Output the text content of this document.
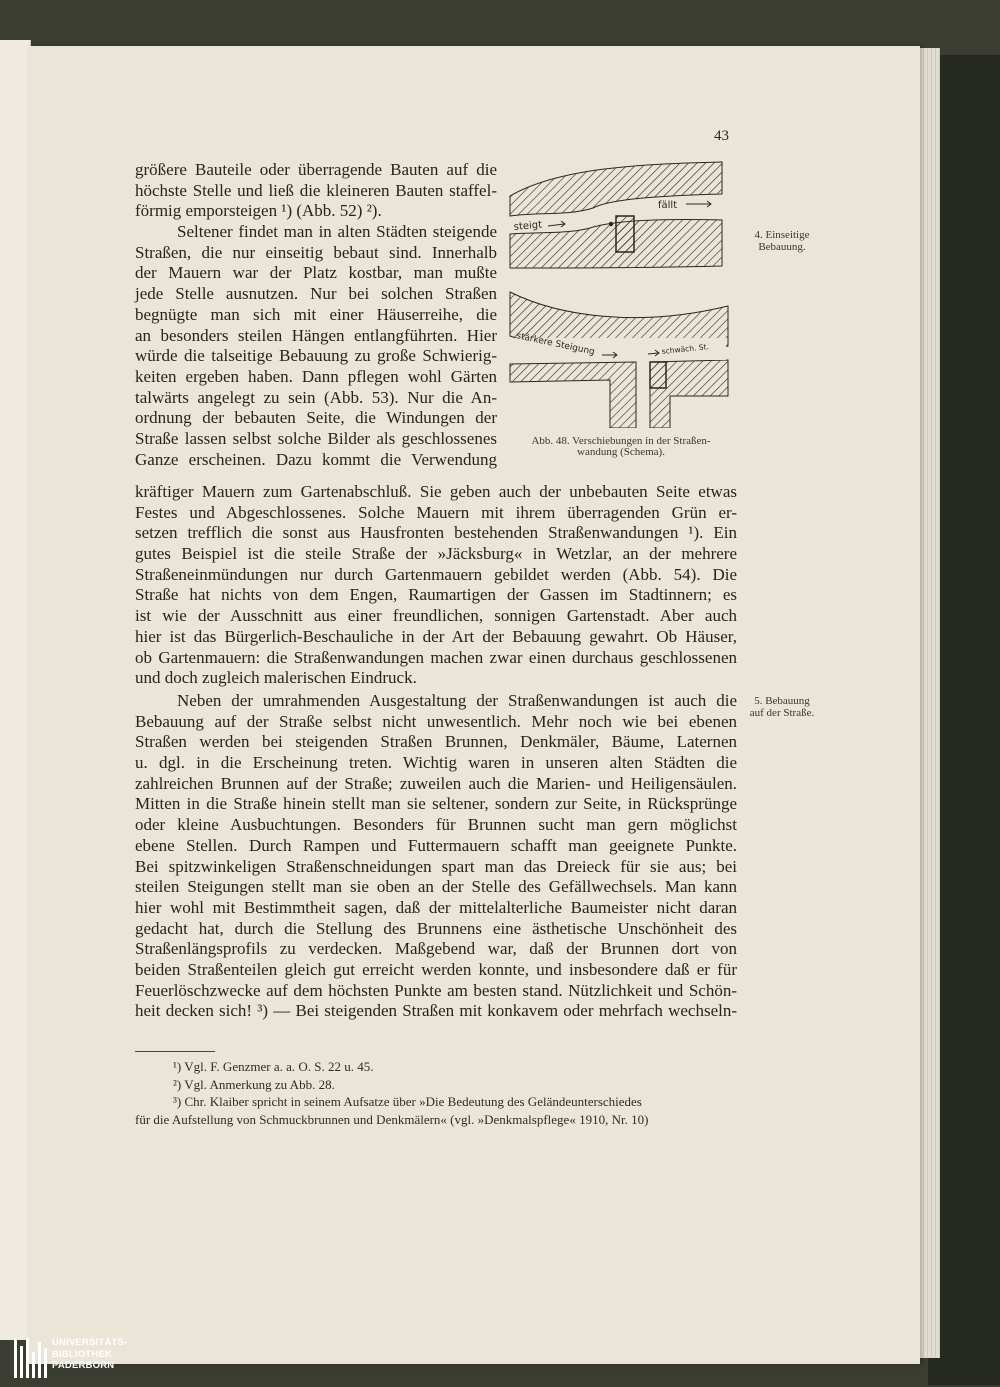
43
größere Bauteile oder überragende Bauten auf die
höchste Stelle und ließ die kleineren Bauten staffel-
förmig emporsteigen ¹) (Abb. 52) ²).
Seltener findet man in alten Städten steigende
Straßen, die nur einseitig bebaut sind. Innerhalb
der Mauern war der Platz kostbar, man mußte
jede Stelle ausnutzen. Nur bei solchen Straßen
begnügte man sich mit einer Häuserreihe, die
an besonders steilen Hängen entlangführten. Hier
würde die talseitige Bebauung zu große Schwierig-
keiten ergeben haben. Dann pflegen wohl Gärten
talwärts angelegt zu sein (Abb. 53). Nur die An-
ordnung der bebauten Seite, die Windungen der
Straße lassen selbst solche Bilder als geschlossenes
Ganze erscheinen. Dazu kommt die Verwendung
steigt
fällt
stärkere Steigung	schwäch. St.
Abb. 48. Verschiebungen in der Straßen-
wandung (Schema).
4. Einseitige
Bebauung.
kräftiger Mauern zum Gartenabschluß. Sie geben auch der unbebauten Seite etwas
Festes und Abgeschlossenes. Solche Mauern mit ihrem überragenden Grün er-
setzen trefflich die sonst aus Hausfronten bestehenden Straßenwandungen ¹). Ein
gutes Beispiel ist die steile Straße der »Jäcksburg« in Wetzlar, an der mehrere
Straßeneinmündungen nur durch Gartenmauern gebildet werden (Abb. 54). Die
Straße hat nichts von dem Engen, Raumartigen der Gassen im Stadtinnern; es
ist wie der Ausschnitt aus einer freundlichen, sonnigen Gartenstadt. Aber auch
hier ist das Bürgerlich-Beschauliche in der Art der Bebauung gewahrt. Ob Häuser,
ob Gartenmauern: die Straßenwandungen machen zwar einen durchaus geschlossenen
und doch zugleich malerischen Eindruck.
Neben der umrahmenden Ausgestaltung der Straßenwandungen ist auch die
Bebauung auf der Straße selbst nicht unwesentlich. Mehr noch wie bei ebenen
Straßen werden bei steigenden Straßen Brunnen, Denkmäler, Bäume, Laternen
u. dgl. in die Erscheinung treten. Wichtig waren in unseren alten Städten die
zahlreichen Brunnen auf der Straße; zuweilen auch die Marien- und Heiligensäulen.
Mitten in die Straße hinein stellt man sie seltener, sondern zur Seite, in Rücksprünge
oder kleine Ausbuchtungen. Besonders für Brunnen sucht man gern möglichst
ebene Stellen. Durch Rampen und Futtermauern schafft man geeignete Punkte.
Bei spitzwinkeligen Straßenschneidungen spart man das Dreieck für sie aus; bei
steilen Steigungen stellt man sie oben an der Stelle des Gefällwechsels. Man kann
hier wohl mit Bestimmtheit sagen, daß der mittelalterliche Baumeister nicht daran
gedacht hat, durch die Stellung des Brunnens eine ästhetische Unschönheit des
Straßenlängsprofils zu verdecken. Maßgebend war, daß der Brunnen dort von
beiden Straßenteilen gleich gut erreicht werden konnte, und insbesondere daß er für
Feuerlöschzwecke auf dem höchsten Punkte am besten stand. Nützlichkeit und Schön-
heit decken sich! ³) — Bei steigenden Straßen mit konkavem oder mehrfach wechseln-
5. Bebauung
auf der Straße.
¹) Vgl. F. Genzmer a. a. O. S. 22 u. 45.
²) Vgl. Anmerkung zu Abb. 28.
³) Chr. Klaiber spricht in seinem Aufsatze über »Die Bedeutung des Geländeunterschiedes
für die Aufstellung von Schmuckbrunnen und Denkmälern« (vgl. »Denkmalspflege« 1910, Nr. 10)
UNIVERSITÄTS-
BIBLIOTHEK
PADERBORN
